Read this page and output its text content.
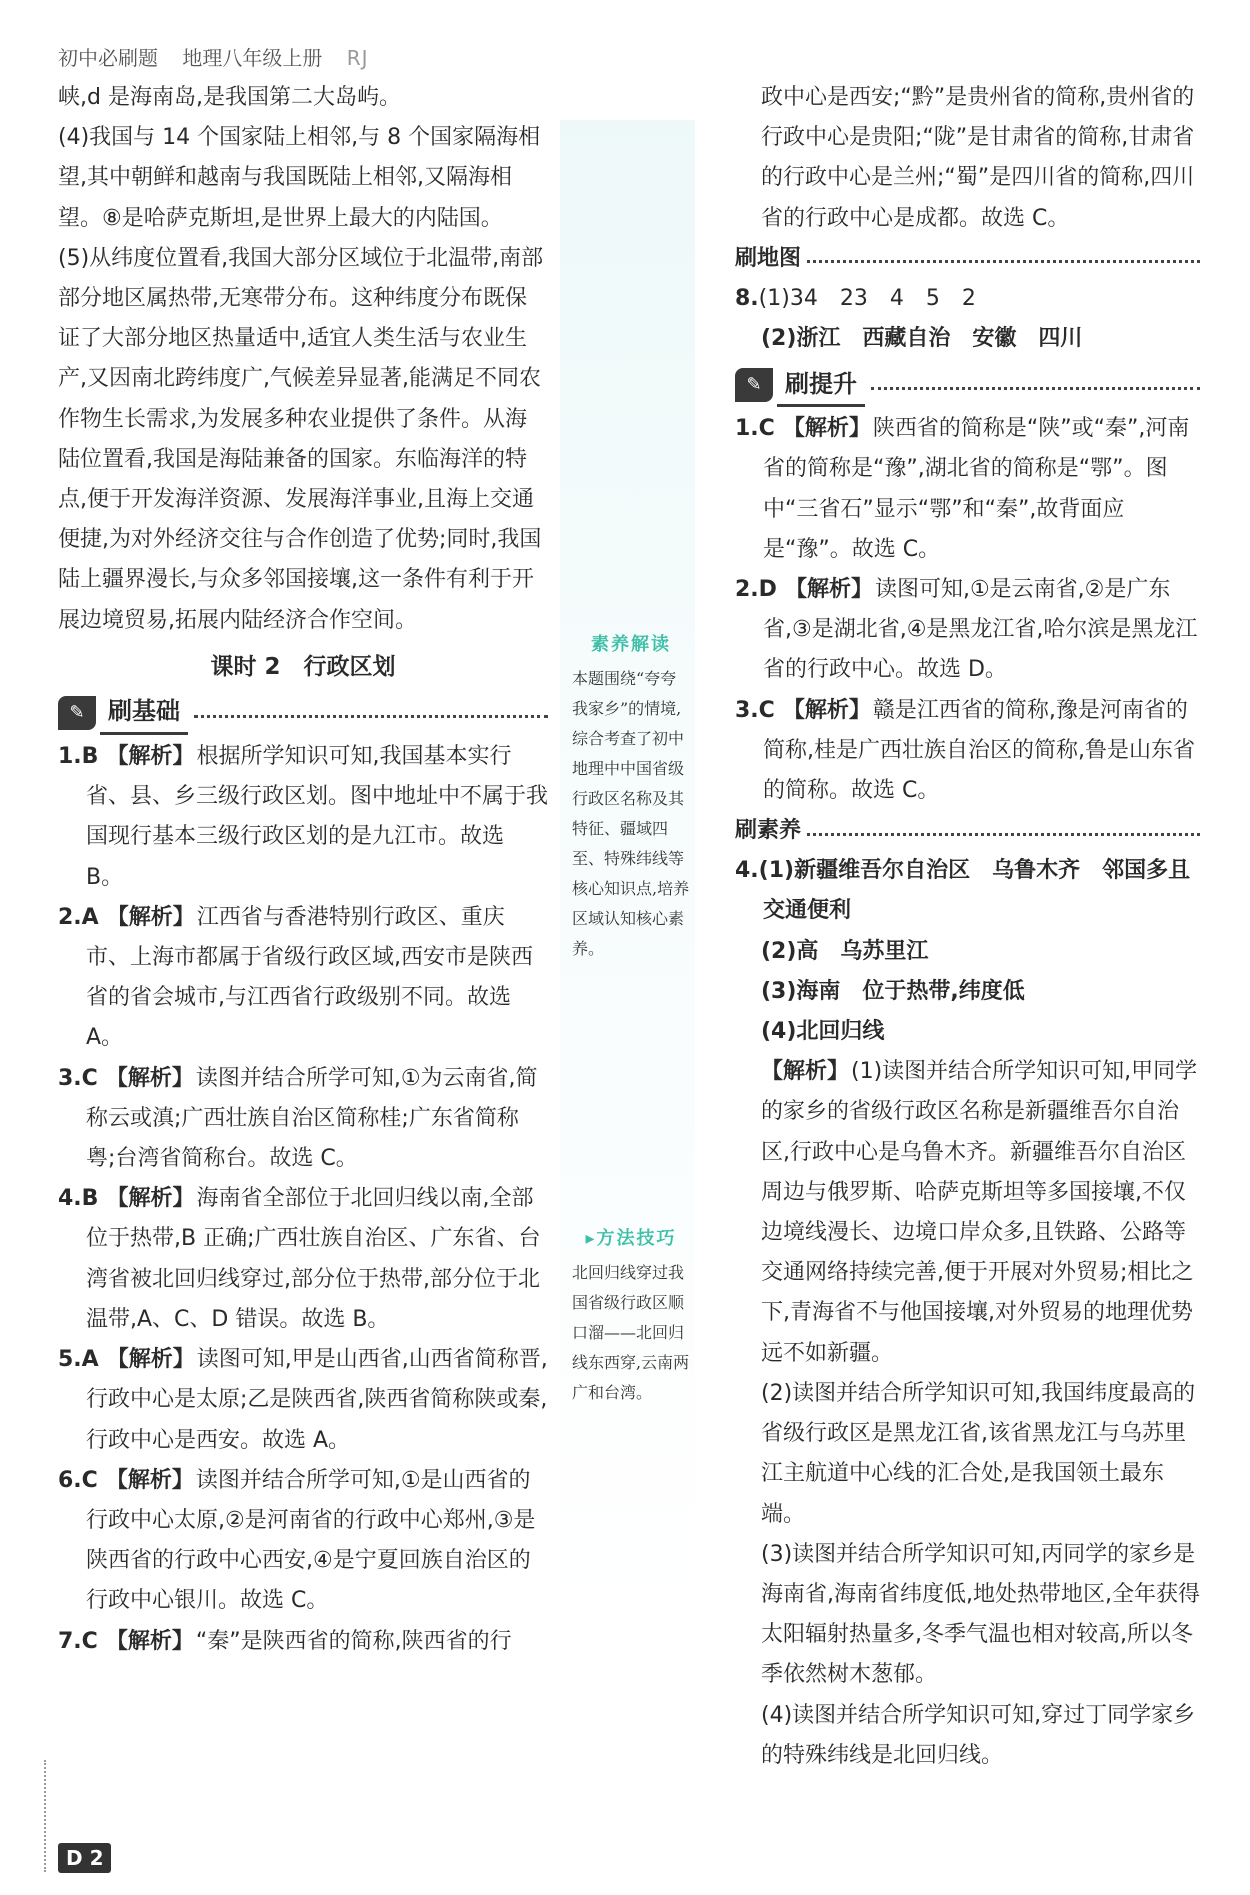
初中必刷题 地理八年级上册 RJ

峡,d 是海南岛,是我国第二大岛屿。

(4)我国与 14 个国家陆上相邻,与 8 个国家隔海相望,其中朝鲜和越南与我国既陆上相邻,又隔海相望。⑧是哈萨克斯坦,是世界上最大的内陆国。

(5)从纬度位置看,我国大部分区域位于北温带,南部部分地区属热带,无寒带分布。这种纬度分布既保证了大部分地区热量适中,适宜人类生活与农业生产,又因南北跨纬度广,气候差异显著,能满足不同农作物生长需求,为发展多种农业提供了条件。从海陆位置看,我国是海陆兼备的国家。东临海洋的特点,便于开发海洋资源、发展海洋事业,且海上交通便捷,为对外经济交往与合作创造了优势;同时,我国陆上疆界漫长,与众多邻国接壤,这一条件有利于开展边境贸易,拓展内陆经济合作空间。

课时 2　行政区划
✎ 刷基础

1.B 【解析】根据所学知识可知,我国基本实行省、县、乡三级行政区划。图中地址中不属于我国现行基本三级行政区划的是九江市。故选 B。

2.A 【解析】江西省与香港特别行政区、重庆市、上海市都属于省级行政区域,西安市是陕西省的省会城市,与江西省行政级别不同。故选 A。

3.C 【解析】读图并结合所学可知,①为云南省,简称云或滇;广西壮族自治区简称桂;广东省简称粤;台湾省简称台。故选 C。

4.B 【解析】海南省全部位于北回归线以南,全部位于热带,B 正确;广西壮族自治区、广东省、台湾省被北回归线穿过,部分位于热带,部分位于北温带,A、C、D 错误。故选 B。

5.A 【解析】读图可知,甲是山西省,山西省简称晋,行政中心是太原;乙是陕西省,陕西省简称陕或秦,行政中心是西安。故选 A。

6.C 【解析】读图并结合所学可知,①是山西省的行政中心太原,②是河南省的行政中心郑州,③是陕西省的行政中心西安,④是宁夏回族自治区的行政中心银川。故选 C。

7.C 【解析】“秦”是陕西省的简称,陕西省的行

素养解读
本题围绕“夸夸我家乡”的情境,综合考查了初中地理中中国省级行政区名称及其特征、疆域四至、特殊纬线等核心知识点,培养区域认知核心素养。
▸方法技巧
北回归线穿过我国省级行政区顺口溜——北回归线东西穿,云南两广和台湾。

政中心是西安;“黔”是贵州省的简称,贵州省的行政中心是贵阳;“陇”是甘肃省的简称,甘肃省的行政中心是兰州;“蜀”是四川省的简称,四川省的行政中心是成都。故选 C。

刷地图

8.(1)34　23　4　5　2

(2)浙江　西藏自治　安徽　四川

✎ 刷提升

1.C 【解析】陕西省的简称是“陕”或“秦”,河南省的简称是“豫”,湖北省的简称是“鄂”。图中“三省石”显示“鄂”和“秦”,故背面应是“豫”。故选 C。

2.D 【解析】读图可知,①是云南省,②是广东省,③是湖北省,④是黑龙江省,哈尔滨是黑龙江省的行政中心。故选 D。

3.C 【解析】赣是江西省的简称,豫是河南省的简称,桂是广西壮族自治区的简称,鲁是山东省的简称。故选 C。

刷素养

4.(1)新疆维吾尔自治区　乌鲁木齐　邻国多且交通便利

(2)高　乌苏里江

(3)海南　位于热带,纬度低

(4)北回归线

【解析】(1)读图并结合所学知识可知,甲同学的家乡的省级行政区名称是新疆维吾尔自治区,行政中心是乌鲁木齐。新疆维吾尔自治区周边与俄罗斯、哈萨克斯坦等多国接壤,不仅边境线漫长、边境口岸众多,且铁路、公路等交通网络持续完善,便于开展对外贸易;相比之下,青海省不与他国接壤,对外贸易的地理优势远不如新疆。

(2)读图并结合所学知识可知,我国纬度最高的省级行政区是黑龙江省,该省黑龙江与乌苏里江主航道中心线的汇合处,是我国领土最东端。

(3)读图并结合所学知识可知,丙同学的家乡是海南省,海南省纬度低,地处热带地区,全年获得太阳辐射热量多,冬季气温也相对较高,所以冬季依然树木葱郁。

(4)读图并结合所学知识可知,穿过丁同学家乡的特殊纬线是北回归线。

D 2
